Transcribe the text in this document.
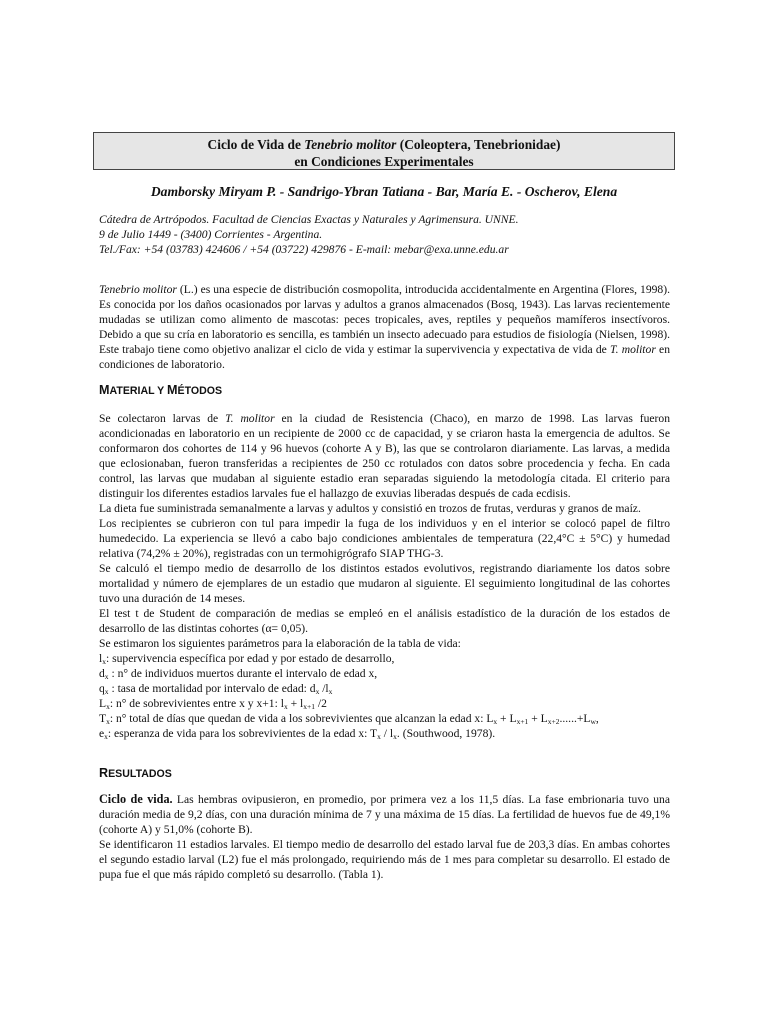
Ciclo de Vida de Tenebrio molitor (Coleoptera, Tenebrionidae)
en Condiciones Experimentales
Damborsky Miryam P. - Sandrigo-Ybran Tatiana - Bar, María E. - Oscherov, Elena
Cátedra de Artrópodos. Facultad de Ciencias Exactas y Naturales y Agrimensura. UNNE.
9 de Julio 1449 - (3400) Corrientes - Argentina.
Tel./Fax: +54 (03783) 424606 / +54 (03722) 429876 - E-mail: mebar@exa.unne.edu.ar

Tenebrio molitor (L.) es una especie de distribución cosmopolita, introducida accidentalmente en Argentina (Flores, 1998). Es conocida por los daños ocasionados por larvas y adultos a granos almacenados (Bosq, 1943). Las larvas recientemente mudadas se utilizan como alimento de mascotas: peces tropicales, aves, reptiles y pequeños mamíferos insectívoros. Debido a que su cría en laboratorio es sencilla, es también un insecto adecuado para estudios de fisiología (Nielsen, 1998). Este trabajo tiene como objetivo analizar el ciclo de vida y estimar la supervivencia y expectativa de vida de T. molitor en condiciones de laboratorio.

MATERIAL Y MÉTODOS

Se colectaron larvas de T. molitor en la ciudad de Resistencia (Chaco), en marzo de 1998. Las larvas fueron acondicionadas en laboratorio en un recipiente de 2000 cc de capacidad, y se criaron hasta la emergencia de adultos. Se conformaron dos cohortes de 114 y 96 huevos (cohorte A y B), las que se controlaron diariamente. Las larvas, a medida que eclosionaban, fueron transferidas a recipientes de 250 cc rotulados con datos sobre procedencia y fecha. En cada control, las larvas que mudaban al siguiente estadio eran separadas siguiendo la metodología citada. El criterio para distinguir los diferentes estadios larvales fue el hallazgo de exuvias liberadas después de cada ecdisis.

La dieta fue suministrada semanalmente a larvas y adultos y consistió en trozos de frutas, verduras y granos de maíz.

Los recipientes se cubrieron con tul para impedir la fuga de los individuos y en el interior se colocó papel de filtro humedecido. La experiencia se llevó a cabo bajo condiciones ambientales de temperatura (22,4°C ± 5°C) y humedad relativa (74,2% ± 20%), registradas con un termohigrógrafo SIAP THG-3.

Se calculó el tiempo medio de desarrollo de los distintos estados evolutivos, registrando diariamente los datos sobre mortalidad y número de ejemplares de un estadio que mudaron al siguiente. El seguimiento longitudinal de las cohortes tuvo una duración de 14 meses.

El test t de Student de comparación de medias se empleó en el análisis estadístico de la duración de los estados de desarrollo de las distintas cohortes (α= 0,05).

Se estimaron los siguientes parámetros para la elaboración de la tabla de vida:

$l_x$: supervivencia específica por edad y por estado de desarrollo,

$d_x$ : n° de individuos muertos durante el intervalo de edad x,

$q_x$ : tasa de mortalidad por intervalo de edad: $d_x$ $/l_x$

$L_x$: n° de sobrevivientes entre x y x+1: $l_x + l_{x+1}$ /2

$T_x$: n° total de días que quedan de vida a los sobrevivientes que alcanzan la edad x: $L_x + L_{x+1} + L_{x+2}......+L_w$,

$e_x$: esperanza de vida para los sobrevivientes de la edad x: $T_x / l_x$. (Southwood, 1978).

RESULTADOS

Ciclo de vida. Las hembras ovipusieron, en promedio, por primera vez a los 11,5 días. La fase embrionaria tuvo una duración media de 9,2 días, con una duración mínima de 7 y una máxima de 15 días. La fertilidad de huevos fue de 49,1% (cohorte A) y 51,0% (cohorte B).

Se identificaron 11 estadios larvales. El tiempo medio de desarrollo del estado larval fue de 203,3 días. En ambas cohortes el segundo estadio larval (L2) fue el más prolongado, requiriendo más de 1 mes para completar su desarrollo. El estado de pupa fue el que más rápido completó su desarrollo. (Tabla 1).
